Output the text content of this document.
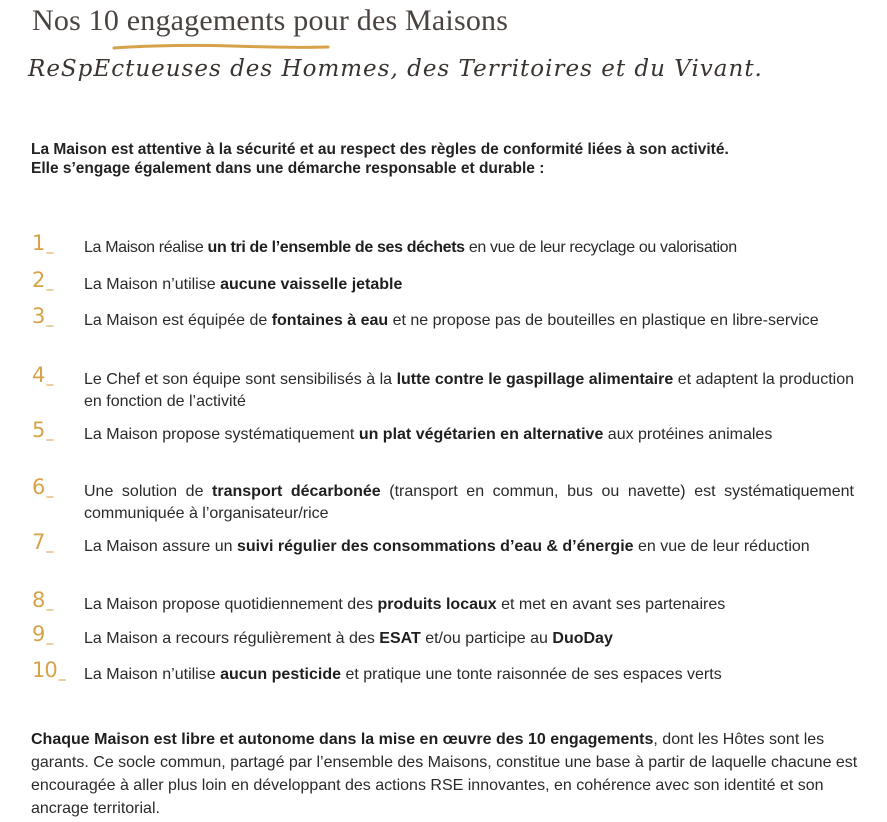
Nos 10 engagements pour des Maisons
ReSpEctueuses des Hommes, des Territoires et du Vivant.
La Maison est attentive à la sécurité et au respect des règles de conformité liées à son activité.
Elle s’engage également dans une démarche responsable et durable :
1 _	La Maison réalise un tri de l’ensemble de ses déchets en vue de leur recyclage ou valorisation
2 _	La Maison n’utilise aucune vaisselle jetable
3 _	La Maison est équipée de fontaines à eau et ne propose pas de bouteilles en plastique en libre-service
4 _	Le Chef et son équipe sont sensibilisés à la lutte contre le gaspillage alimentaire et adaptent la production en fonction de l’activité
5 _	La Maison propose systématiquement un plat végétarien en alternative aux protéines animales
6 _	Une solution de transport décarbonée (transport en commun, bus ou navette) est systématiquement communiquée à l’organisateur/rice
7 _	La Maison assure un suivi régulier des consommations d’eau & d’énergie en vue de leur réduction
8 _	La Maison propose quotidiennement des produits locaux et met en avant ses partenaires
9 _	La Maison a recours régulièrement à des ESAT et/ou participe au DuoDay
10 _	La Maison n’utilise aucun pesticide et pratique une tonte raisonnée de ses espaces verts
Chaque Maison est libre et autonome dans la mise en œuvre des 10 engagements, dont les Hôtes sont les garants. Ce socle commun, partagé par l’ensemble des Maisons, constitue une base à partir de laquelle chacune est encouragée à aller plus loin en développant des actions RSE innovantes, en cohérence avec son identité et son ancrage territorial.
